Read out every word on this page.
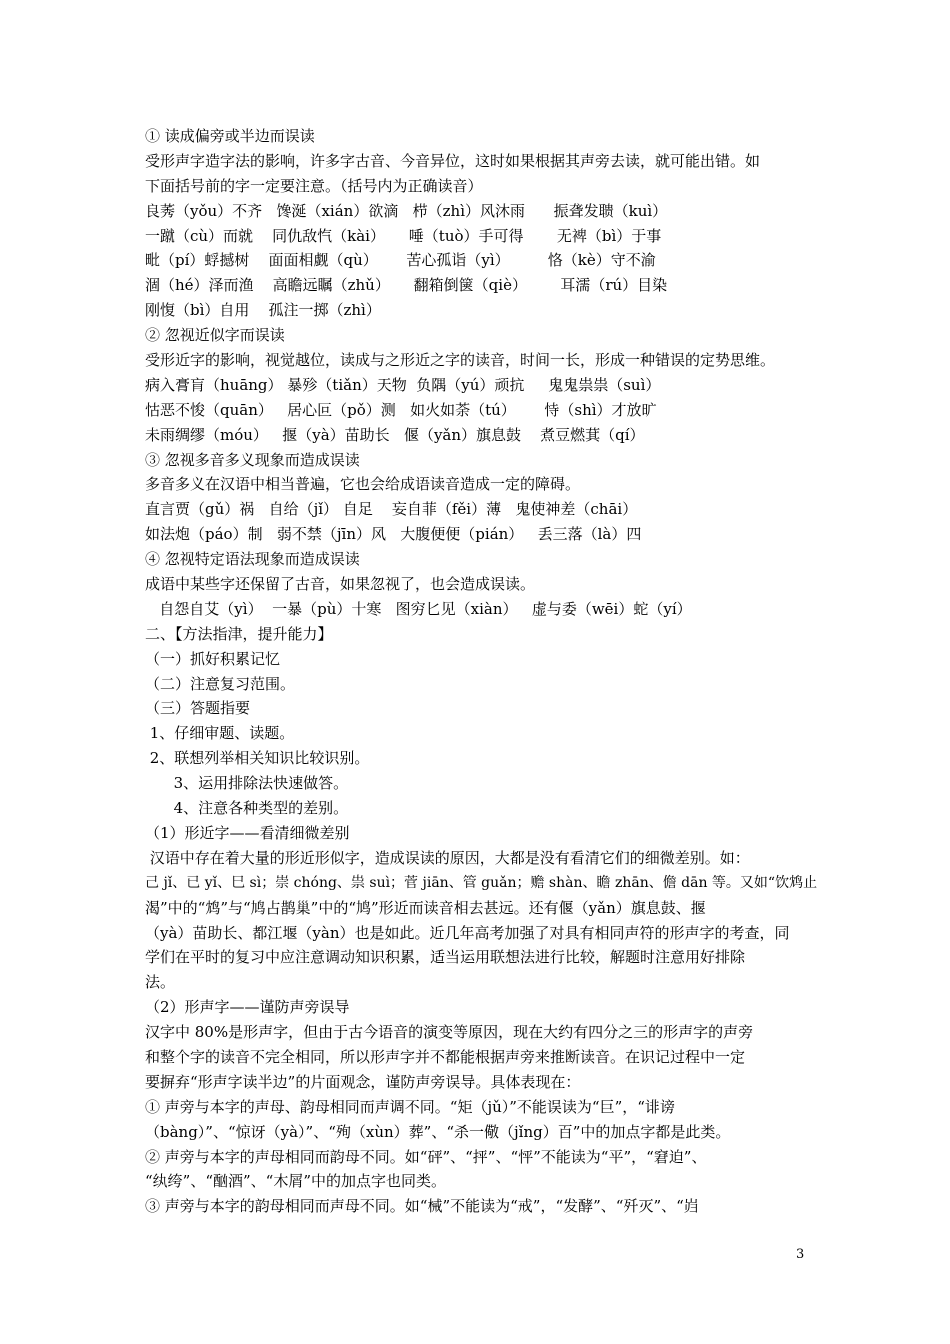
① 读成偏旁或半边而误读
受形声字造字法的影响，许多字古音、今音异位，这时如果根据其声旁去读，就可能出错。如
下面括号前的字一定要注意。（括号内为正确读音）
良莠（yǒu）不齐   馋涎（xián）欲滴   栉（zhì）风沐雨      振聋发聩（kuì）
一蹴（cù）而就    同仇敌忾（kài）     唾（tuò）手可得       无裨（bì）于事
毗（pí）蜉撼树    面面相觑（qù）      苦心孤诣（yì）        恪（kè）守不渝
涸（hé）泽而渔    高瞻远瞩（zhǔ）     翻箱倒箧（qiè）       耳濡（rú）目染
刚愎（bì）自用    孤注一掷（zhì）
② 忽视近似字而误读
受形近字的影响，视觉越位，读成与之形近之字的读音，时间一长，形成一种错误的定势思维。
病入膏肓（huāng） 暴殄（tiǎn）天物  负隅（yú）顽抗     鬼鬼祟祟（suì）
怙恶不悛（quān）   居心叵（pǒ）测   如火如荼（tú）      恃（shì）才放旷
未雨绸缪（móu）   揠（yà）苗助长   偃（yǎn）旗息鼓    煮豆燃萁（qí）
③ 忽视多音多义现象而造成误读
多音多义在汉语中相当普遍，它也会给成语读音造成一定的障碍。
直言贾（gǔ）祸   自给（jǐ） 自足    妄自菲（fěi）薄   鬼使神差（chāi）
如法炮（páo）制   弱不禁（jīn）风   大腹便便（pián）   丢三落（là）四
④ 忽视特定语法现象而造成误读
成语中某些字还保留了古音，如果忽视了，也会造成误读。
自怨自艾（yì）  一暴（pù）十寒   图穷匕见（xiàn）   虚与委（wēi）蛇（yí）
二、【方法指津，提升能力】
（一）抓好积累记忆
（二）注意复习范围。
（三）答题指要
1、仔细审题、读题。
2、联想列举相关知识比较识别。
3、运用排除法快速做答。
4、注意各种类型的差别。
（1）形近字——看清细微差别
汉语中存在着大量的形近形似字，造成误读的原因，大都是没有看清它们的细微差别。如：
己 jǐ、已 yǐ、巳 sì；崇 chóng、祟 suì；菅 jiān、管 guǎn；赡 shàn、瞻 zhān、儋 dān 等。又如“饮鸩止
渴”中的“鸩”与“鸠占鹊巢”中的“鸠”形近而读音相去甚远。还有偃（yǎn）旗息鼓、揠
（yà）苗助长、都江堰（yàn）也是如此。近几年高考加强了对具有相同声符的形声字的考查，同
学们在平时的复习中应注意调动知识积累，适当运用联想法进行比较，解题时注意用好排除
法。
（2）形声字——谨防声旁误导
汉字中 80%是形声字，但由于古今语音的演变等原因，现在大约有四分之三的形声字的声旁
和整个字的读音不完全相同，所以形声字并不都能根据声旁来推断读音。在识记过程中一定
要摒弃“形声字读半边”的片面观念，谨防声旁误导。具体表现在：
① 声旁与本字的声母、韵母相同而声调不同。“矩（jǔ）”不能误读为“巨”，“诽谤
（bàng）”、“惊讶（yà）”、“殉（xùn）葬”、“杀一儆（jǐng）百”中的加点字都是此类。
② 声旁与本字的声母相同而韵母不同。如“砰”、“抨”、“怦”不能读为“平”，“窘迫”、
“纨绔”、“酗酒”、“木屑”中的加点字也同类。
③ 声旁与本字的韵母相同而声母不同。如“械”不能读为“戒”，“发酵”、“歼灭”、“岿
3
